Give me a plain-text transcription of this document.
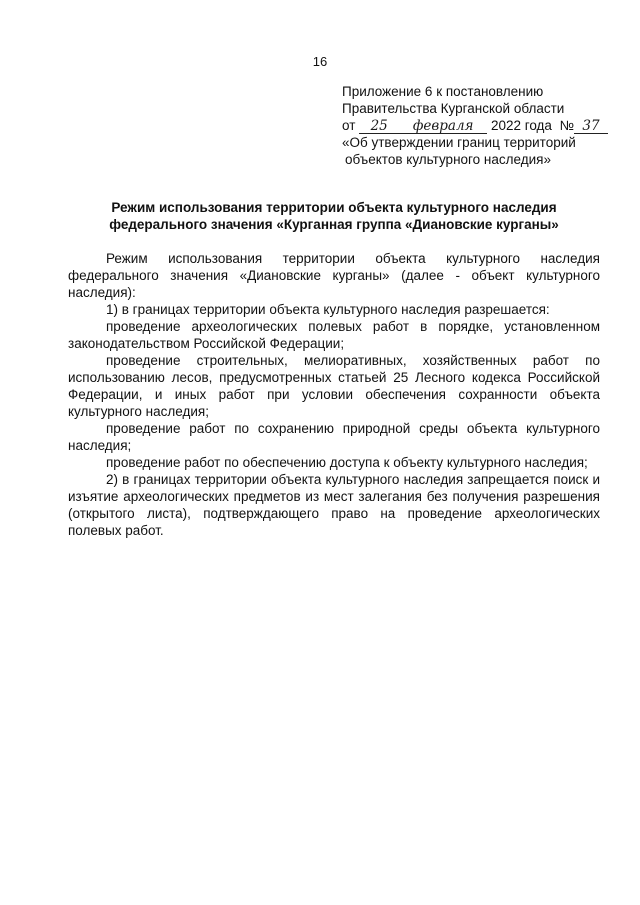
16
Приложение 6 к постановлению
Правительства Курганской области
от 25 февраля 2022 года № 37
«Об утверждении границ территорий
объектов культурного наследия»
Режим использования территории объекта культурного наследия
федерального значения «Курганная группа «Диановские курганы»

Режим использования территории объекта культурного наследия федерального значения «Диановские курганы» (далее - объект культурного наследия):

1) в границах территории объекта культурного наследия разрешается:

проведение археологических полевых работ в порядке, установленном законодательством Российской Федерации;

проведение строительных, мелиоративных, хозяйственных работ по использованию лесов, предусмотренных статьей 25 Лесного кодекса Российской Федерации, и иных работ при условии обеспечения сохранности объекта культурного наследия;

проведение работ по сохранению природной среды объекта культурного наследия;

проведение работ по обеспечению доступа к объекту культурного наследия;

2) в границах территории объекта культурного наследия запрещается поиск и изъятие археологических предметов из мест залегания без получения разрешения (открытого листа), подтверждающего право на проведение археологических полевых работ.
